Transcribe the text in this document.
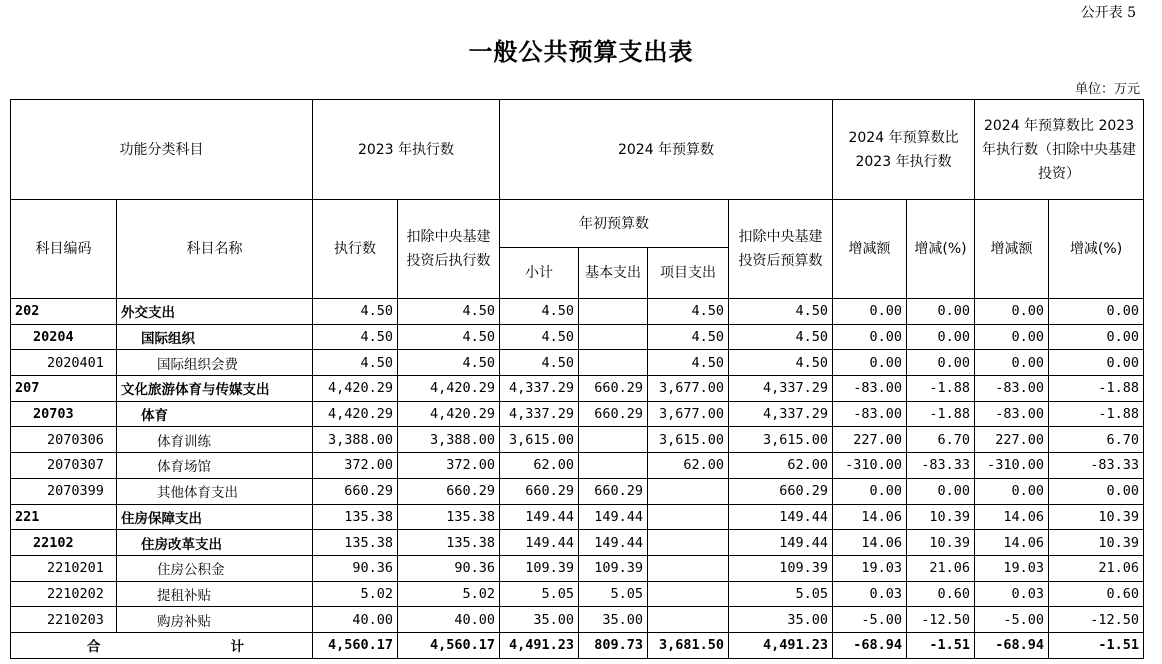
公开表 5
一般公共预算支出表
单位：万元
功能分类科目		2023 年执行数		2024 年预算数				2024 年预算数比 2023 年执行数		2024 年预算数比 2023 年执行数（扣除中央基建投资）	
科目编码	科目名称	执行数	扣除中央基建投资后执行数	年初预算数			扣除中央基建投资后预算数	增减额	增减(%)	增减额	增减(%)
				小计	基本支出	项目支出					
202	外交支出	4.50	4.50	4.50		4.50	4.50	0.00	0.00	0.00	0.00
20204	国际组织	4.50	4.50	4.50		4.50	4.50	0.00	0.00	0.00	0.00
2020401	国际组织会费	4.50	4.50	4.50		4.50	4.50	0.00	0.00	0.00	0.00
207	文化旅游体育与传媒支出	4,420.29	4,420.29	4,337.29	660.29	3,677.00	4,337.29	-83.00	-1.88	-83.00	-1.88
20703	体育	4,420.29	4,420.29	4,337.29	660.29	3,677.00	4,337.29	-83.00	-1.88	-83.00	-1.88
2070306	体育训练	3,388.00	3,388.00	3,615.00		3,615.00	3,615.00	227.00	6.70	227.00	6.70
2070307	体育场馆	372.00	372.00	62.00		62.00	62.00	-310.00	-83.33	-310.00	-83.33
2070399	其他体育支出	660.29	660.29	660.29	660.29		660.29	0.00	0.00	0.00	0.00
221	住房保障支出	135.38	135.38	149.44	149.44		149.44	14.06	10.39	14.06	10.39
22102	住房改革支出	135.38	135.38	149.44	149.44		149.44	14.06	10.39	14.06	10.39
2210201	住房公积金	90.36	90.36	109.39	109.39		109.39	19.03	21.06	19.03	21.06
2210202	提租补贴	5.02	5.02	5.05	5.05		5.05	0.03	0.60	0.03	0.60
2210203	购房补贴	40.00	40.00	35.00	35.00		35.00	-5.00	-12.50	-5.00	-12.50

合 计		4,560.17	4,560.17	4,491.23	809.73	3,681.50	4,491.23	-68.94	-1.51	-68.94	-1.51
